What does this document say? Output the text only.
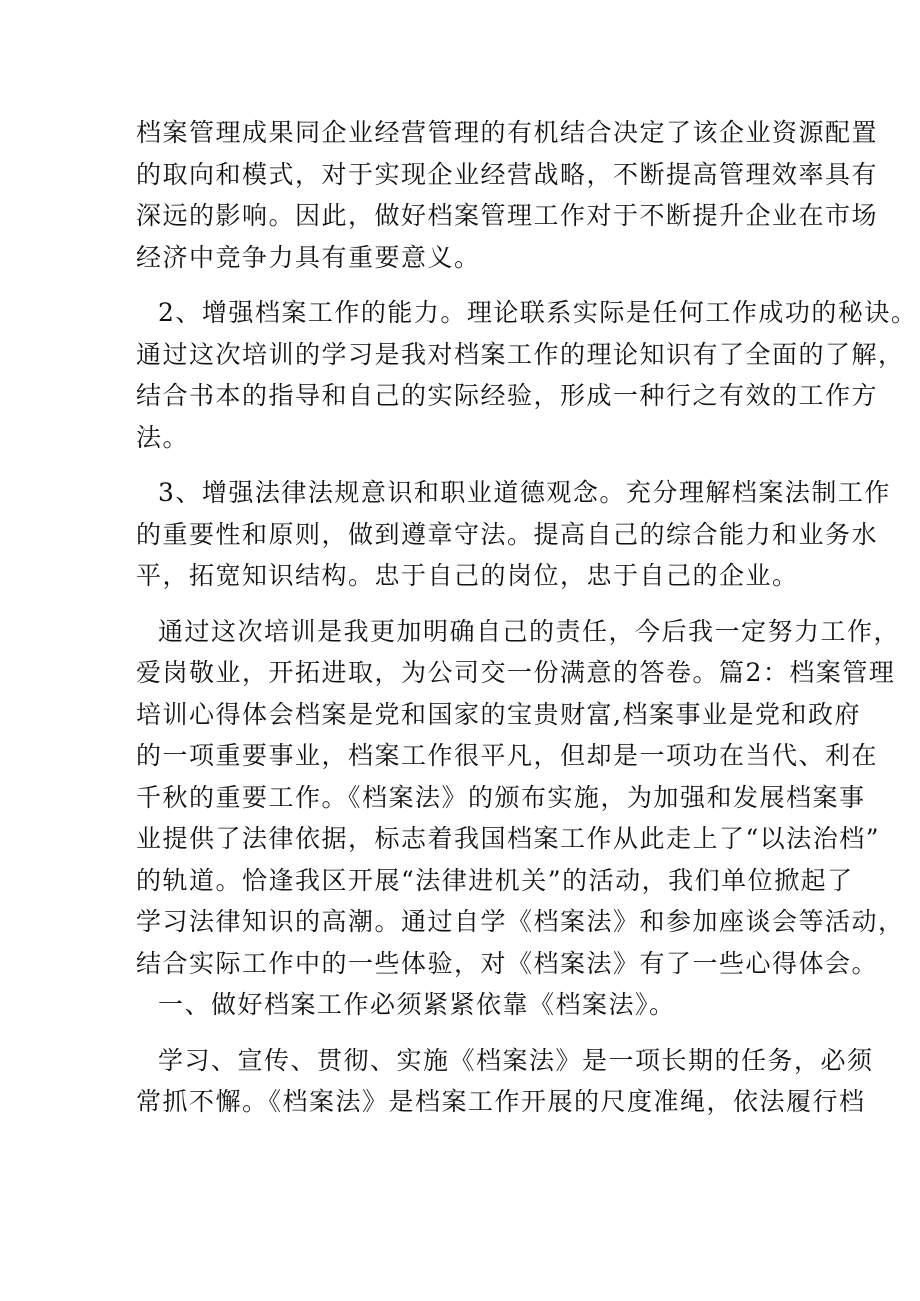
档案管理成果同企业经营管理的有机结合决定了该企业资源配置
的取向和模式，对于实现企业经营战略，不断提高管理效率具有
深远的影响。因此，做好档案管理工作对于不断提升企业在市场
经济中竞争力具有重要意义。
2、增强档案工作的能力。理论联系实际是任何工作成功的秘诀。
通过这次培训的学习是我对档案工作的理论知识有了全面的了解，
结合书本的指导和自己的实际经验，形成一种行之有效的工作方
法。
3、增强法律法规意识和职业道德观念。充分理解档案法制工作
的重要性和原则，做到遵章守法。提高自己的综合能力和业务水
平，拓宽知识结构。忠于自己的岗位，忠于自己的企业。
通过这次培训是我更加明确自己的责任，今后我一定努力工作，
爱岗敬业，开拓进取，为公司交一份满意的答卷。篇2：档案管理
培训心得体会档案是党和国家的宝贵财富,档案事业是党和政府
的一项重要事业，档案工作很平凡，但却是一项功在当代、利在
千秋的重要工作。《档案法》的颁布实施，为加强和发展档案事
业提供了法律依据，标志着我国档案工作从此走上了“以法治档”
的轨道。恰逢我区开展“法律进机关”的活动，我们单位掀起了
学习法律知识的高潮。通过自学《档案法》和参加座谈会等活动，
结合实际工作中的一些体验，对《档案法》有了一些心得体会。
一、做好档案工作必须紧紧依靠《档案法》。
学习、宣传、贯彻、实施《档案法》是一项长期的任务，必须
常抓不懈。《档案法》是档案工作开展的尺度准绳，依法履行档
